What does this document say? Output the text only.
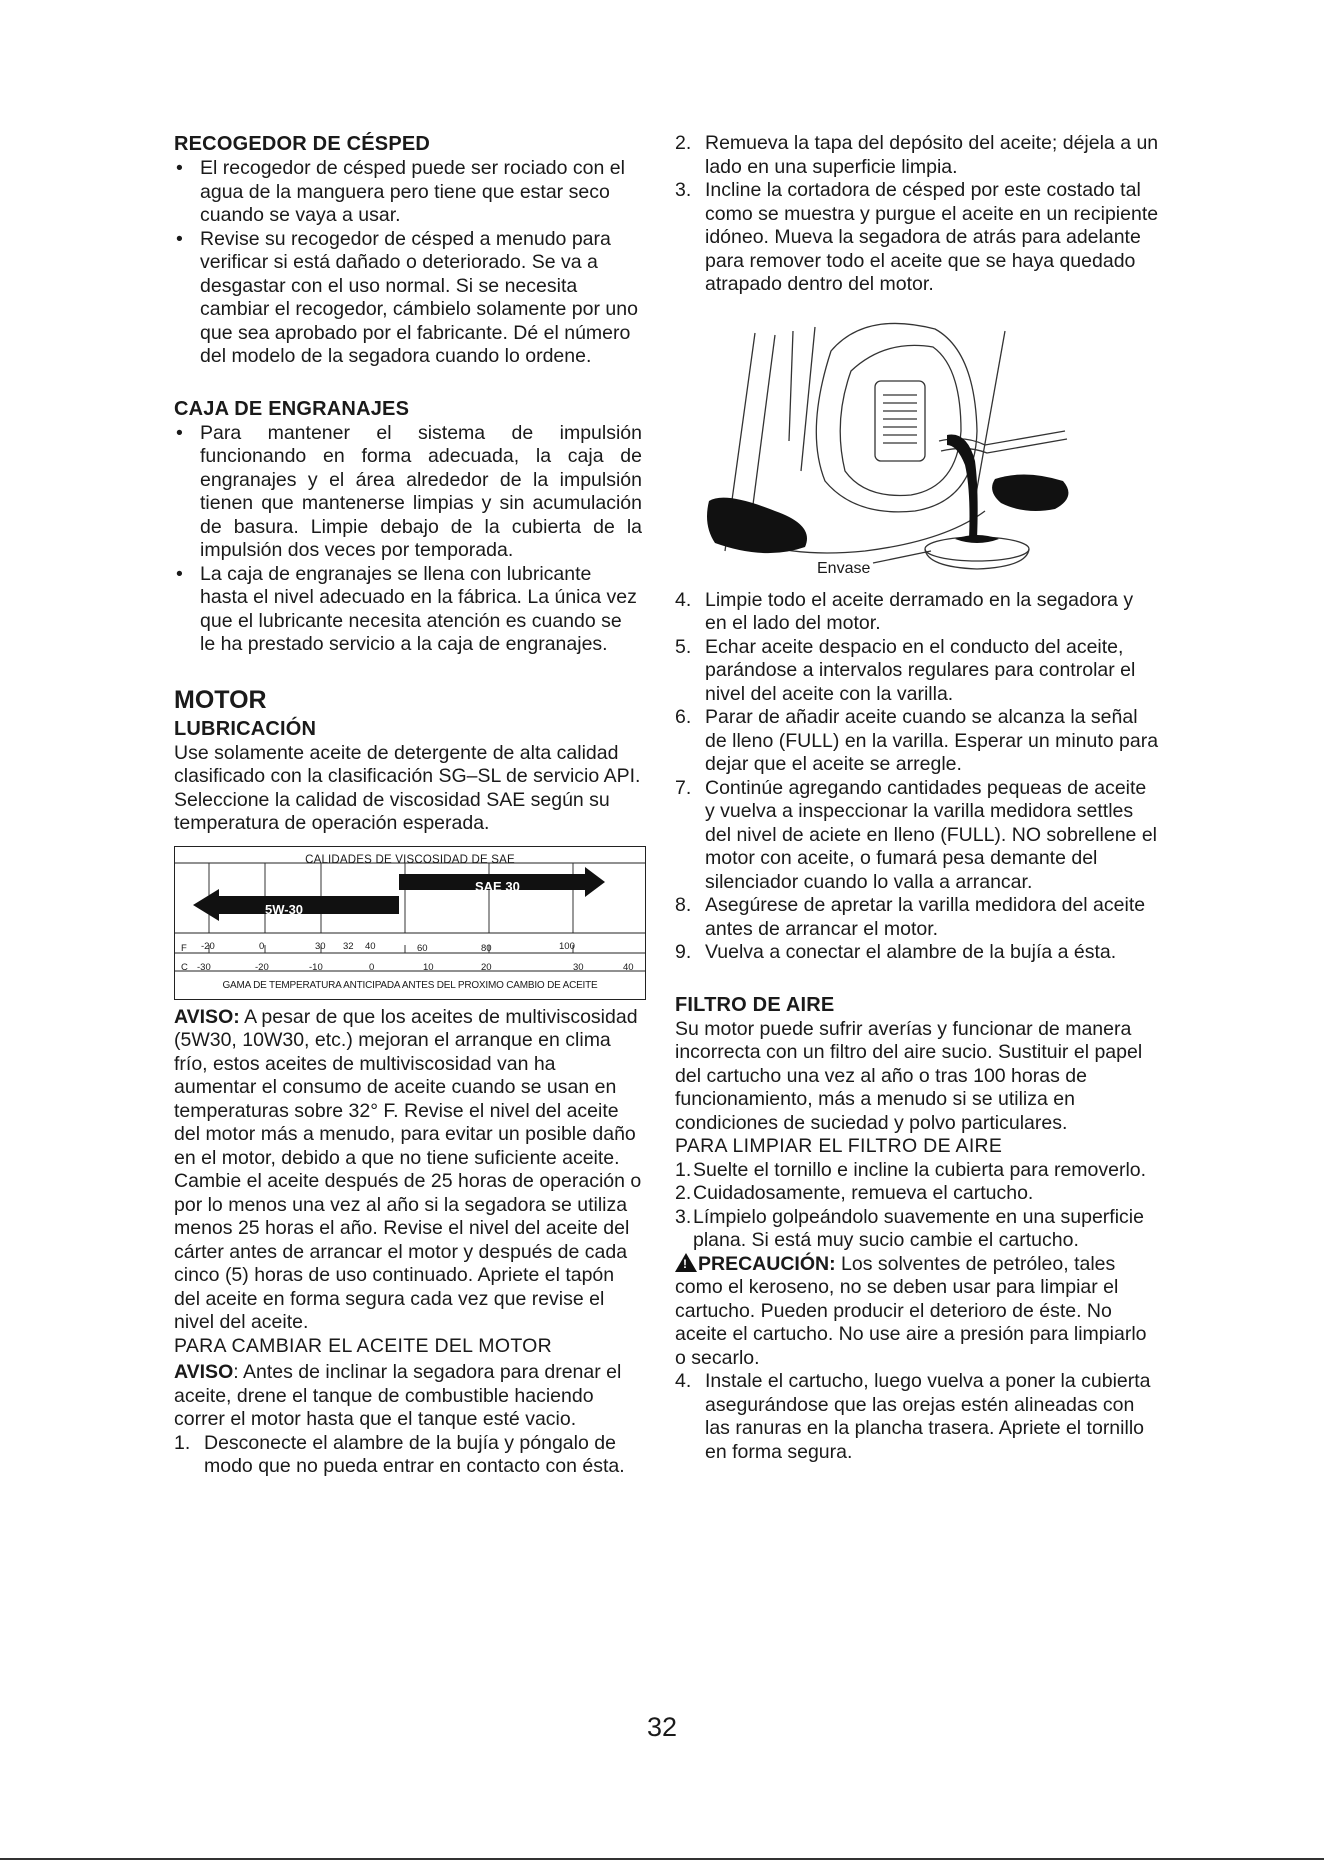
RECOGEDOR DE CÉSPED

• El recogedor de césped puede ser rociado con el agua de la manguera pero tiene que estar seco cuando se vaya a usar.

• Revise su recogedor de césped a menudo para verificar si está dañado o deteriorado. Se va a desgastar con el uso normal. Si se necesita cambiar el recogedor, cámbielo solamente por uno que sea aprobado por el fabricante. Dé el número del modelo de la segadora cuando lo ordene.

CAJA DE ENGRANAJES

• Para mantener el sistema de impulsión funcionando en forma adecuada, la caja de engranajes y el área alrededor de la impulsión tienen que mantenerse limpias y sin acumulación de basura. Limpie debajo de la cubierta de la impulsión dos veces por temporada.

• La caja de engranajes se llena con lubricante hasta el nivel adecuado en la fábrica. La única vez que el lubricante necesita atención es cuando se le ha prestado servicio a la caja de engranajes.

MOTOR
LUBRICACIÓN

Use solamente aceite de detergente de alta calidad clasificado con la clasificación SG–SL de servicio API. Seleccione la calidad de viscosidad SAE según su temperatura de operación esperada.

CALIDADES DE VISCOSIDAD DE SAE
5W-30
SAE 30
F -20	0	30 32 40	60	80	100
C -30	-20	-10	0	10	20	30	40
GAMA DE TEMPERATURA ANTICIPADA ANTES DEL PROXIMO CAMBIO DE ACEITE

AVISO: A pesar de que los aceites de multiviscosidad (5W30, 10W30, etc.) mejoran el arranque en clima frío, estos aceites de multiviscosidad van ha aumentar el consumo de aceite cuando se usan en temperaturas sobre 32° F. Revise el nivel del aceite del motor más a menudo, para evitar un posible daño en el motor, debido a que no tiene suficiente aceite. Cambie el aceite después de 25 horas de operación o por lo menos una vez al año si la segadora se utiliza menos 25 horas el año. Revise el nivel del aceite del cárter antes de arrancar el motor y después de cada cinco (5) horas de uso continuado. Apriete el tapón del aceite en forma segura cada vez que revise el nivel del aceite.

PARA CAMBIAR EL ACEITE DEL MOTOR

AVISO: Antes de inclinar la segadora para drenar el aceite, drene el tanque de combustible haciendo correr el motor hasta que el tanque esté vacio.

1. Desconecte el alambre de la bujía y póngalo de modo que no pueda entrar en contacto con ésta.

2. Remueva la tapa del depósito del aceite; déjela a un lado en una superficie limpia.

3. Incline la cortadora de césped por este costado tal como se muestra y purgue el aceite en un recipiente idóneo. Mueva la segadora de atrás para adelante para remover todo el aceite que se haya quedado atrapado dentro del motor.

Envase

4. Limpie todo el aceite derramado en la segadora y en el lado del motor.

5. Echar aceite despacio en el conducto del aceite, parándose a intervalos regulares para controlar el nivel del aceite con la varilla.

6. Parar de añadir aceite cuando se alcanza la señal de lleno (FULL) en la varilla. Esperar un minuto para dejar que el aceite se arregle.

7. Continúe agregando cantidades pequeas de aceite y vuelva a inspeccionar la varilla medidora settles del nivel de aciete en lleno (FULL). NO sobrellene el motor con aceite, o fumará pesa demante del silenciador cuando lo valla a arrancar.

8. Asegúrese de apretar la varilla medidora del aceite antes de arrancar el motor.

9. Vuelva a conectar el alambre de la bujía a ésta.

FILTRO DE AIRE

Su motor puede sufrir averías y funcionar de manera incorrecta con un filtro del aire sucio. Sustituir el papel del cartucho una vez al año o tras 100 horas de funcionamiento, más a menudo si se utiliza en condiciones de suciedad y polvo particulares.

PARA LIMPIAR EL FILTRO DE AIRE

1. Suelte el tornillo e incline la cubierta para removerlo.

2. Cuidadosamente, remueva el cartucho.

3. Límpielo golpeándolo suavemente en una superficie plana. Si está muy sucio cambie el cartucho.

!PRECAUCIÓN: Los solventes de petróleo, tales como el keroseno, no se deben usar para limpiar el cartucho. Pueden producir el deterioro de éste. No aceite el cartucho. No use aire a presión para limpiarlo o secarlo.

4. Instale el cartucho, luego vuelva a poner la cubierta asegurándose que las orejas estén alineadas con las ranuras en la plancha trasera. Apriete el tornillo en forma segura.

32
